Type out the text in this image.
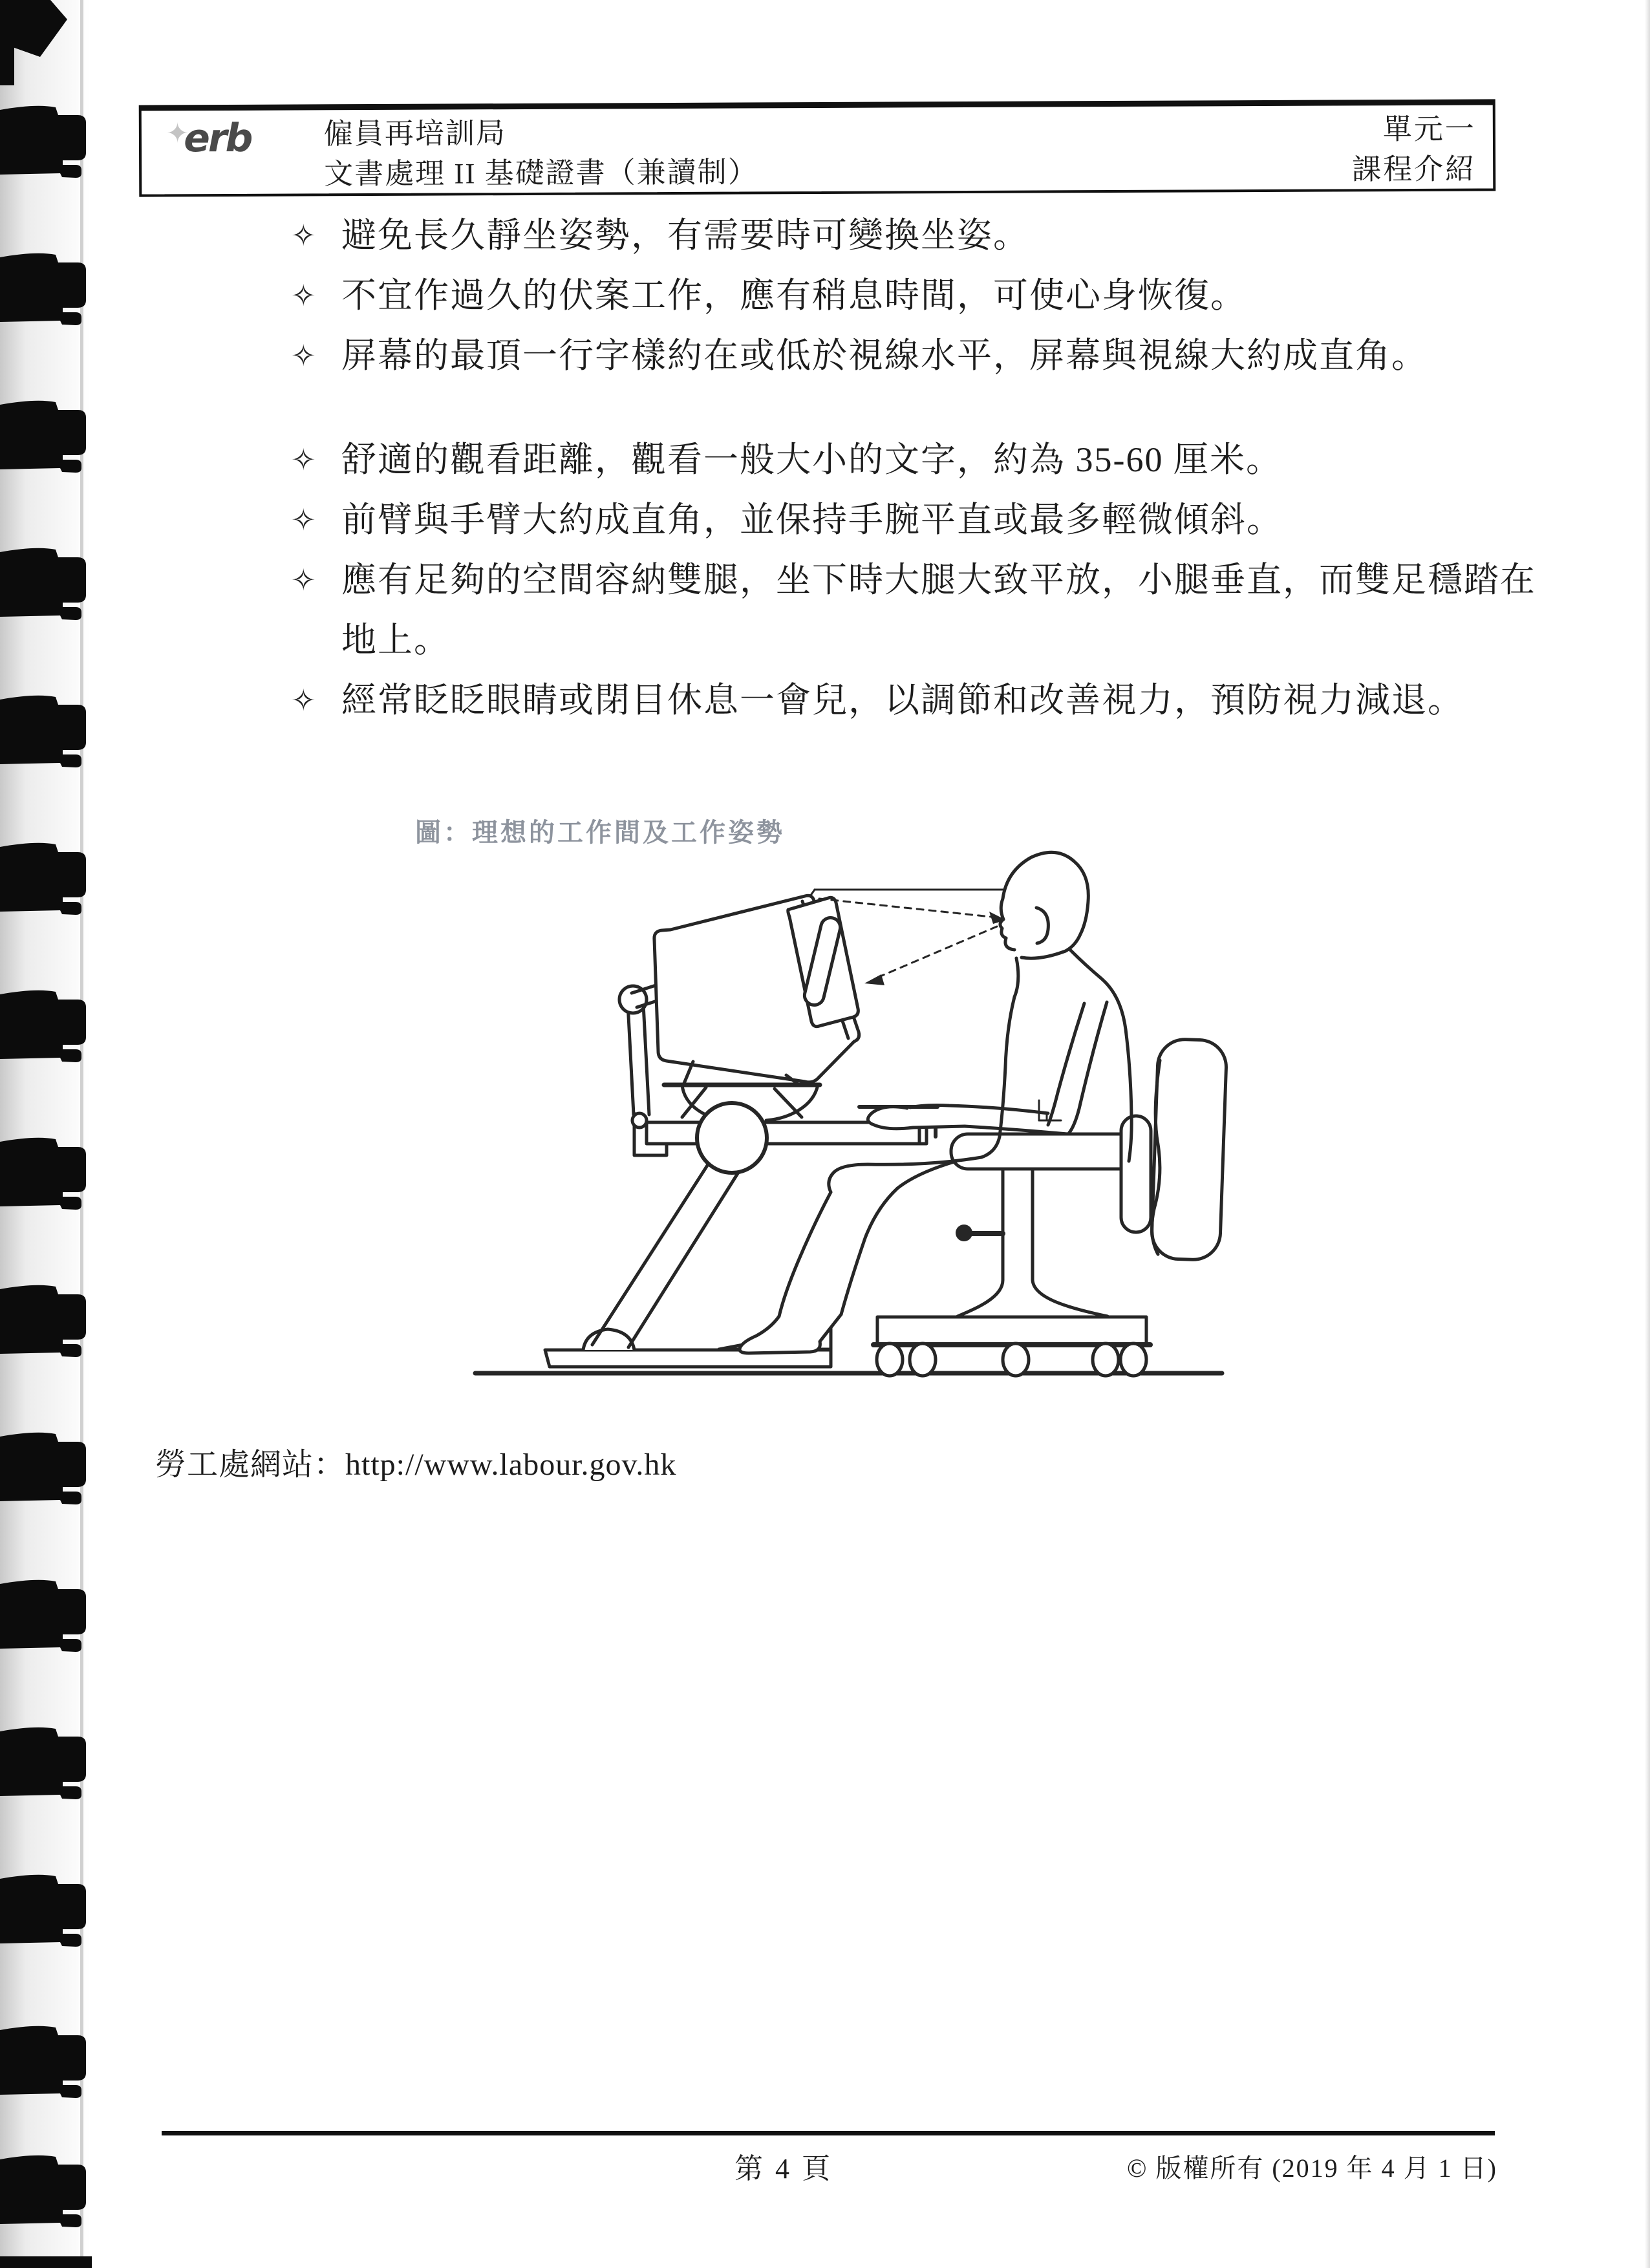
✦erb 僱員再培訓局
文書處理 II 基礎證書（兼讀制）
單元一
課程介紹
✧ 避免長久靜坐姿勢，有需要時可變換坐姿。
✧ 不宜作過久的伏案工作，應有稍息時間，可使心身恢復。
✧ 屏幕的最頂一行字樣約在或低於視線水平，屏幕與視線大約成直角。
✧ 舒適的觀看距離，觀看一般大小的文字，約為 35-60 厘米。
✧ 前臂與手臂大約成直角，並保持手腕平直或最多輕微傾斜。
✧ 應有足夠的空間容納雙腿，坐下時大腿大致平放，小腿垂直，而雙足穩踏在地上。
✧ 經常眨眨眼睛或閉目休息一會兒，以調節和改善視力，預防視力減退。
圖：理想的工作間及工作姿勢
勞工處網站：http://www.labour.gov.hk
第 4 頁	© 版權所有 (2019 年 4 月 1 日)
